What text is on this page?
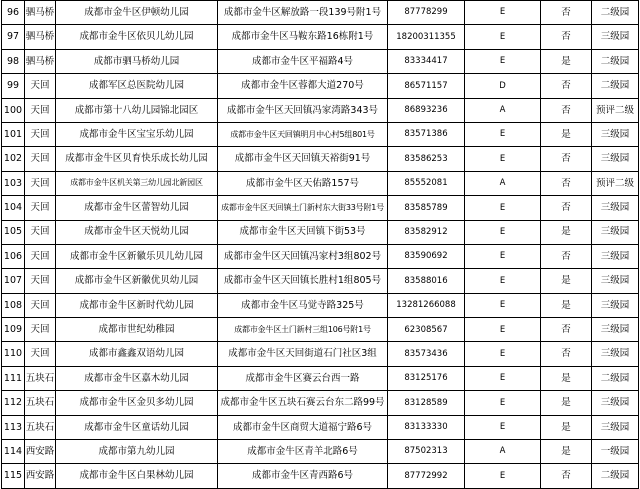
96	驷马桥	成都市金牛区伊顿幼儿园	成都市金牛区解放路一段139号附1号	87778299	E	否	二级园
97	驷马桥	成都市金牛区依贝儿幼儿园	成都市金牛区马鞍东路16栋附1号	18200311355	E	否	三级园
98	驷马桥	成都市驷马桥幼儿园	成都市金牛区平福路4号	83334417	E	是	二级园
99	天回	成都军区总医院幼儿园	成都市金牛区蓉都大道270号	86571157	D	否	二级园
100	天回	成都市第十八幼儿园锦北园区	成都市金牛区天回镇冯家湾路343号	86893236	A	否	预评二级
101	天回	成都市金牛区宝宝乐幼儿园	成都市金牛区天回镇明月中心村5组801号	83571386	E	是	三级园
102	天回	成都市金牛区贝育快乐成长幼儿园	成都市金牛区天回镇天裕街91号	83586253	E	否	三级园
103	天回	成都市金牛区机关第三幼儿园北新园区	成都市金牛区天佑路157号	85552081	A	否	预评二级
104	天回	成都市金牛区蕾智幼儿园	成都市金牛区天回镇土门新村东大街33号附1号	83585789	E	否	三级园
105	天回	成都市金牛区天悦幼儿园	成都市金牛区天回镇下街53号	83582912	E	是	三级园
106	天回	成都市金牛区新徽乐贝儿幼儿园	成都市金牛区天回镇冯家村3组802号	83590692	E	否	三级园
107	天回	成都市金牛区新徽优贝幼儿园	成都市金牛区天回镇长胜村1组805号	83588016	E	是	三级园
108	天回	成都市金牛区新时代幼儿园	成都市金牛区马觉寺路325号	13281266088	E	是	三级园
109	天回	成都市世纪幼稚园	成都市金牛区土门新村三组106号附1号	62308567	E	否	三级园
110	天回	成都市鑫鑫双语幼儿园	成都市金牛区天回街道石门社区3组	83573436	E	否	三级园
111	五块石	成都市金牛区嘉木幼儿园	成都市金牛区赛云台西一路	83125176	E	是	二级园
112	五块石	成都市金牛区金贝多幼儿园	成都市金牛区五块石赛云台东二路99号	83128589	E	是	三级园
113	五块石	成都市金牛区童话幼儿园	成都市金牛区商贸大道福宁路6号	83133330	E	是	三级园
114	西安路	成都市第九幼儿园	成都市金牛区青羊北路6号	87502313	A	是	一级园
115	西安路	成都市金牛区白果林幼儿园	成都市金牛区青西路6号	87772992	E	否	二级园
